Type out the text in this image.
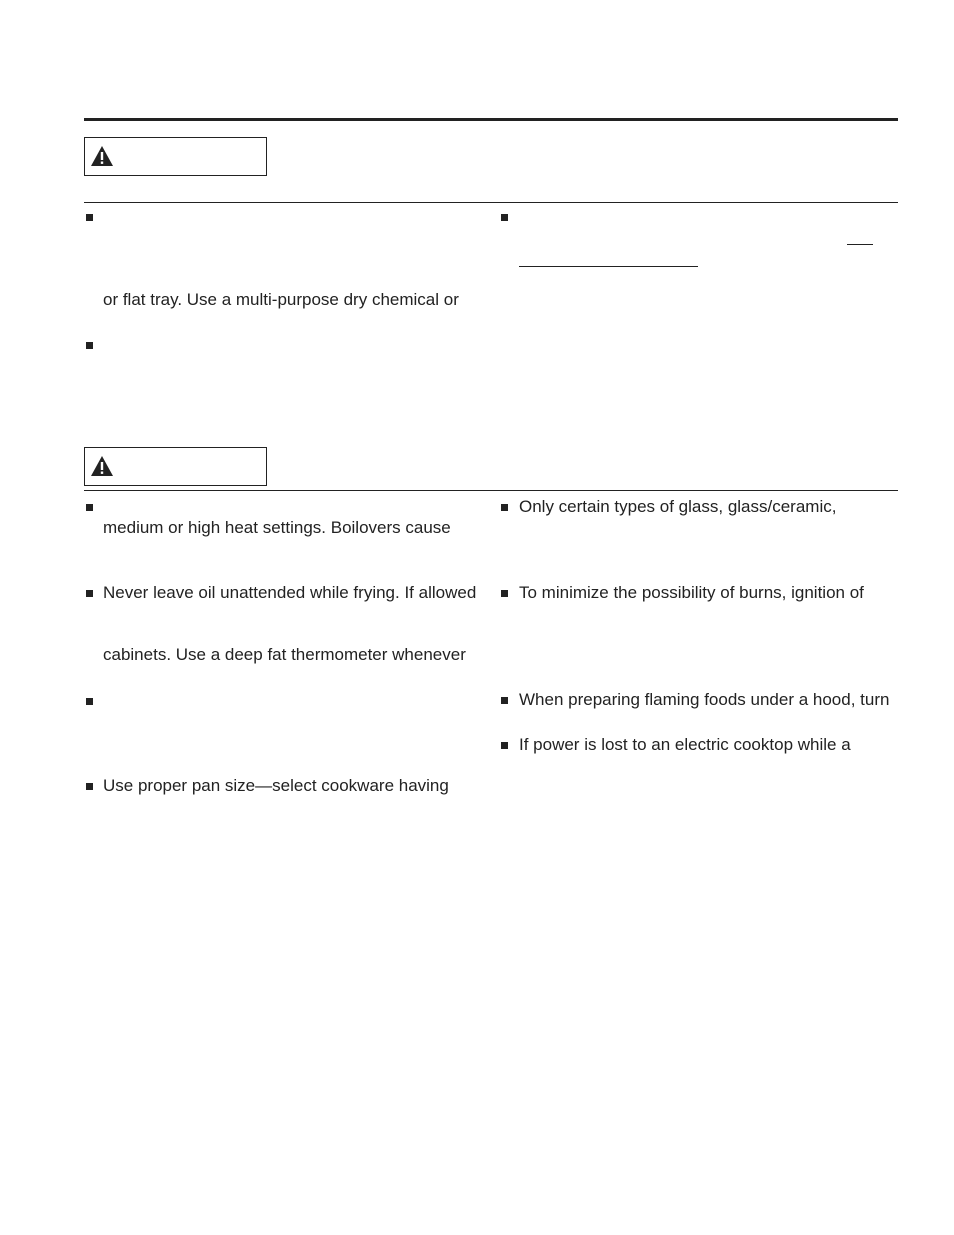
or flat tray. Use a multi-purpose dry chemical or
medium or high heat settings. Boilovers cause
Never leave oil unattended while frying. If allowed
cabinets. Use a deep fat thermometer whenever
Use proper pan size—select cookware having
Only certain types of glass, glass/ceramic,
To minimize the possibility of burns, ignition of
When preparing flaming foods under a hood, turn
If power is lost to an electric cooktop while a
